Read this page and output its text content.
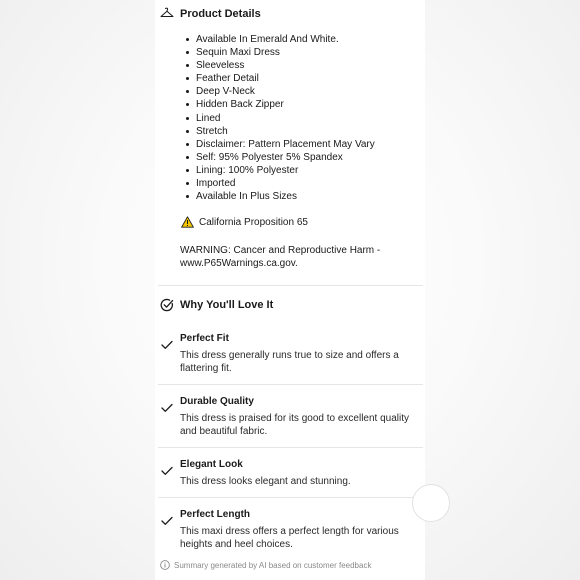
Product Details
Available In Emerald And White.
Sequin Maxi Dress
Sleeveless
Feather Detail
Deep V-Neck
Hidden Back Zipper
Lined
Stretch
Disclaimer: Pattern Placement May Vary
Self: 95% Polyester 5% Spandex
Lining: 100% Polyester
Imported
Available In Plus Sizes
California Proposition 65
WARNING: Cancer and Reproductive Harm - www.P65Warnings.ca.gov.
Why You'll Love It
Perfect Fit
This dress generally runs true to size and offers a flattering fit.
Durable Quality
This dress is praised for its good to excellent quality and beautiful fabric.
Elegant Look
This dress looks elegant and stunning.
Perfect Length
This maxi dress offers a perfect length for various heights and heel choices.
Summary generated by AI based on customer feedback
